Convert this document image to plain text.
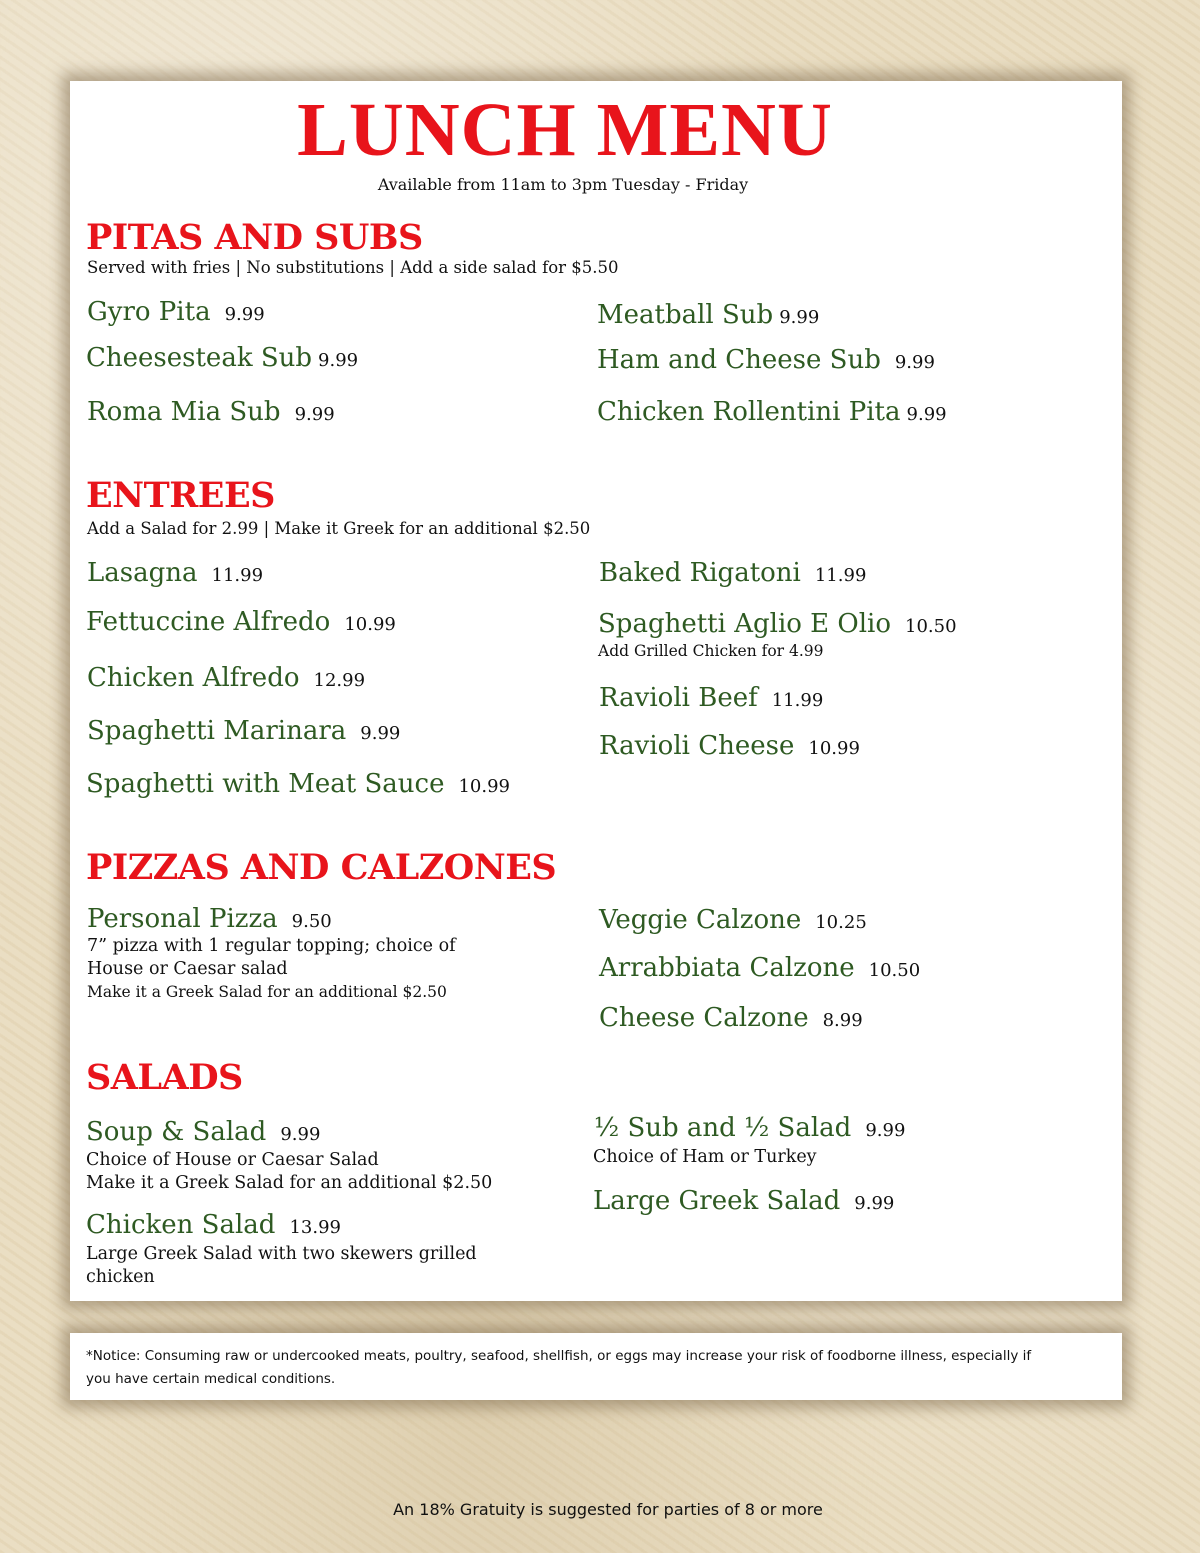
LUNCH MENU
Available from 11am to 3pm Tuesday - Friday
PITAS AND SUBS
Served with fries | No substitutions | Add a side salad for $5.50
Gyro Pita 9.99
Cheesesteak Sub 9.99
Roma Mia Sub 9.99
Meatball Sub 9.99
Ham and Cheese Sub 9.99
Chicken Rollentini Pita 9.99
ENTREES
Add a Salad for 2.99 | Make it Greek for an additional $2.50
Lasagna 11.99
Fettuccine Alfredo 10.99
Chicken Alfredo 12.99
Spaghetti Marinara 9.99
Spaghetti with Meat Sauce 10.99
Baked Rigatoni 11.99
Spaghetti Aglio E Olio 10.50
Add Grilled Chicken for 4.99
Ravioli Beef 11.99
Ravioli Cheese 10.99
PIZZAS AND CALZONES
Personal Pizza 9.50
7” pizza with 1 regular topping; choice of
House or Caesar salad
Make it a Greek Salad for an additional $2.50
Veggie Calzone 10.25
Arrabbiata Calzone 10.50
Cheese Calzone 8.99
SALADS
Soup & Salad 9.99
Choice of House or Caesar Salad
Make it a Greek Salad for an additional $2.50
Chicken Salad 13.99
Large Greek Salad with two skewers grilled
chicken
½ Sub and ½ Salad 9.99
Choice of Ham or Turkey
Large Greek Salad 9.99
*Notice: Consuming raw or undercooked meats, poultry, seafood, shellfish, or eggs may increase your risk of foodborne illness, especially if
you have certain medical conditions.
An 18% Gratuity is suggested for parties of 8 or more
